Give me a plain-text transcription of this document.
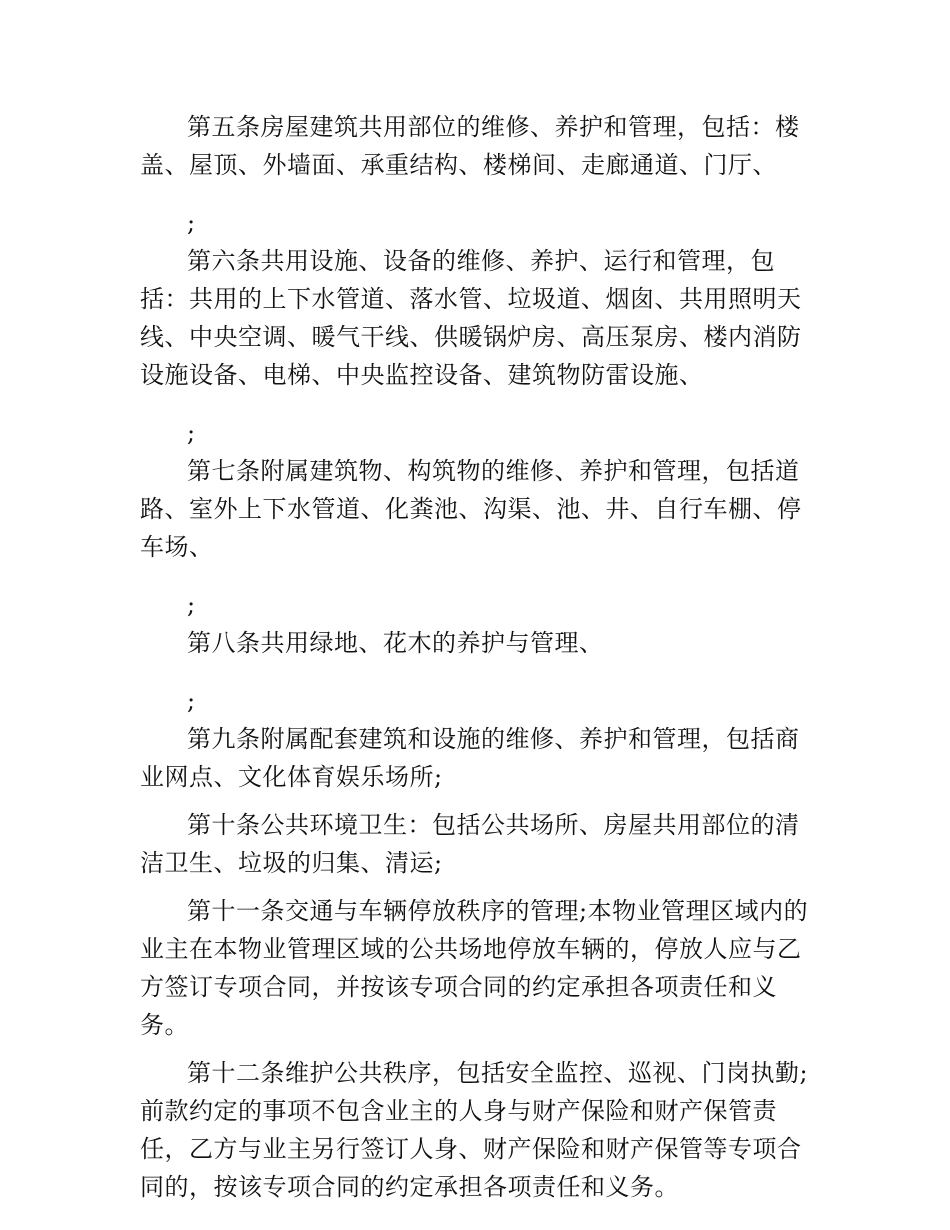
第五条房屋建筑共用部位的维修、养护和管理，包括：楼盖、屋顶、外墙面、承重结构、楼梯间、走廊通道、门厅、

;

第六条共用设施、设备的维修、养护、运行和管理，包括：共用的上下水管道、落水管、垃圾道、烟囱、共用照明天线、中央空调、暖气干线、供暖锅炉房、高压泵房、楼内消防设施设备、电梯、中央监控设备、建筑物防雷设施、

;

第七条附属建筑物、构筑物的维修、养护和管理，包括道路、室外上下水管道、化粪池、沟渠、池、井、自行车棚、停车场、

;

第八条共用绿地、花木的养护与管理、

;

第九条附属配套建筑和设施的维修、养护和管理，包括商业网点、文化体育娱乐场所;

第十条公共环境卫生：包括公共场所、房屋共用部位的清洁卫生、垃圾的归集、清运;

第十一条交通与车辆停放秩序的管理;本物业管理区域内的业主在本物业管理区域的公共场地停放车辆的，停放人应与乙方签订专项合同，并按该专项合同的约定承担各项责任和义务。

第十二条维护公共秩序，包括安全监控、巡视、门岗执勤;前款约定的事项不包含业主的人身与财产保险和财产保管责任，乙方与业主另行签订人身、财产保险和财产保管等专项合同的，按该专项合同的约定承担各项责任和义务。
